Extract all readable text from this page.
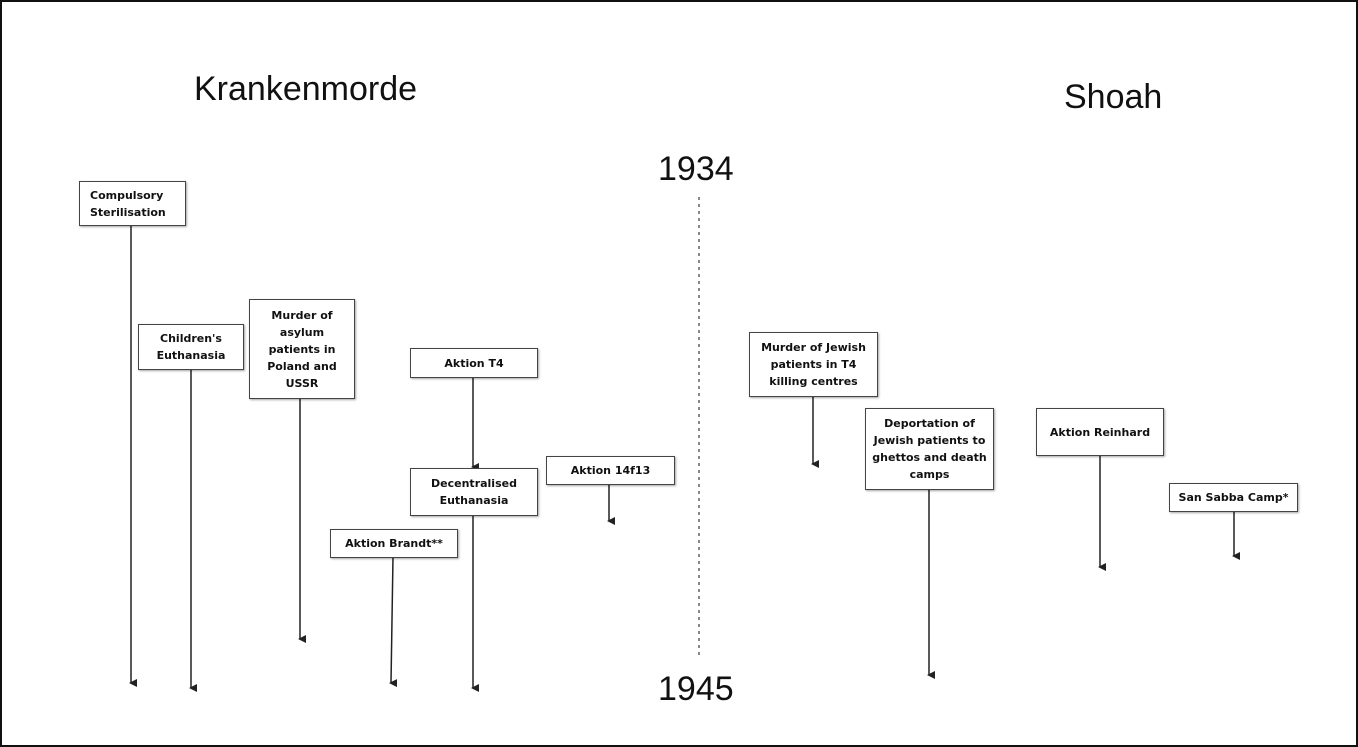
Krankenmorde	Shoah
1934
1945
Compulsory Sterilisation
Children's Euthanasia
Murder of asylum patients in Poland and USSR
Aktion T4
Decentralised Euthanasia
Aktion 14f13
Aktion Brandt**
Murder of Jewish patients in T4 killing centres
Deportation of Jewish patients to ghettos and death camps
Aktion Reinhard
San Sabba Camp*
